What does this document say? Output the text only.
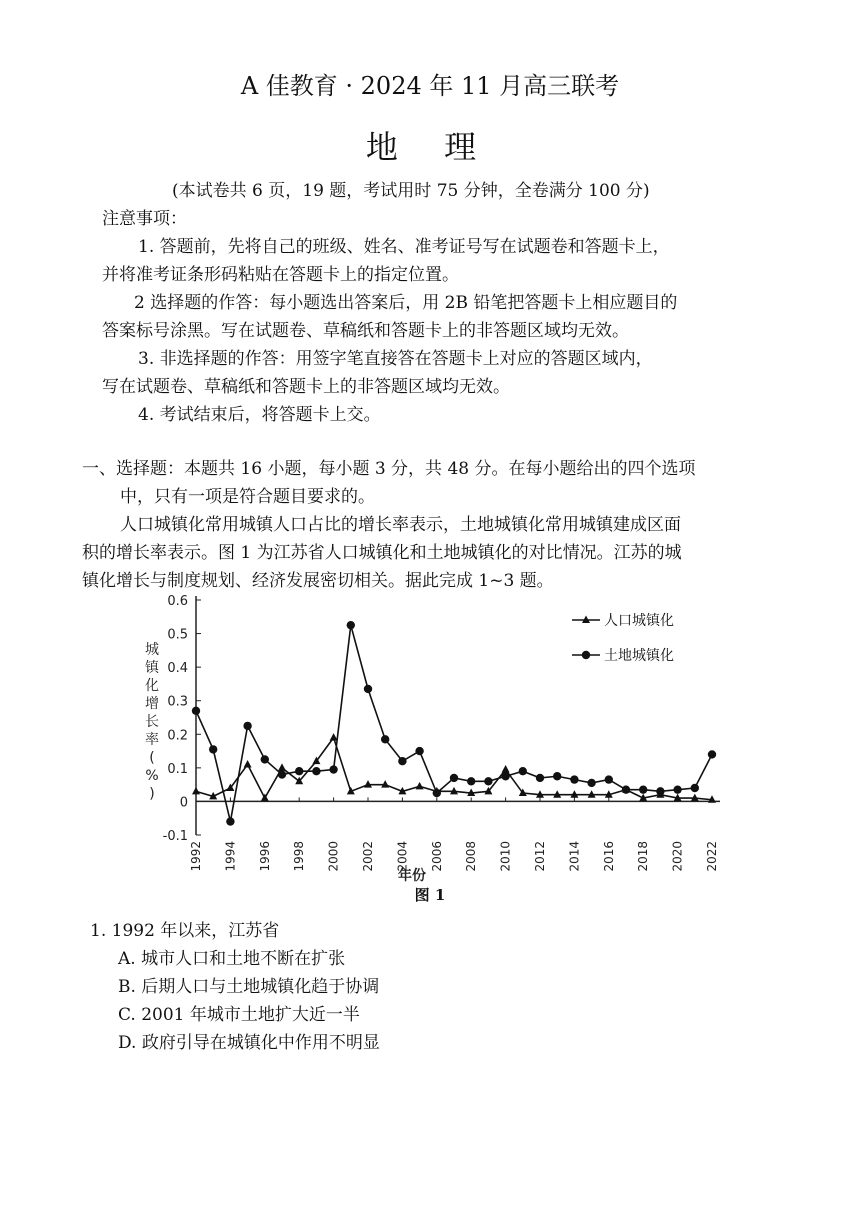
A 佳教育 · 2024 年 11 月高三联考
地 理
(本试卷共 6 页，19 题，考试用时 75 分钟，全卷满分 100 分)
注意事项：
1. 答题前，先将自己的班级、姓名、准考证号写在试题卷和答题卡上，
并将准考证条形码粘贴在答题卡上的指定位置。
2 选择题的作答：每小题选出答案后，用 2B 铅笔把答题卡上相应题目的
答案标号涂黑。写在试题卷、草稿纸和答题卡上的非答题区域均无效。
3. 非选择题的作答：用签字笔直接答在答题卡上对应的答题区域内，
写在试题卷、草稿纸和答题卡上的非答题区域均无效。
4. 考试结束后，将答题卡上交。
一、选择题：本题共 16 小题，每小题 3 分，共 48 分。在每小题给出的四个选项
中，只有一项是符合题目要求的。
人口城镇化常用城镇人口占比的增长率表示，土地城镇化常用城镇建成区面
积的增长率表示。图 1 为江苏省人口城镇化和土地城镇化的对比情况。江苏的城
镇化增长与制度规划、经济发展密切相关。据此完成 1~3 题。
0.6
0.5
0.4
0.3
0.2
0.1
0
-0.1
1992 1994 1996 1998 2000 2002 2004 2006 2008 2010 2012 2014 2016 2018 2020 2022
人口城镇化
土地城镇化
城镇化增长率( % )
年份
图 1
1. 1992 年以来，江苏省
A. 城市人口和土地不断在扩张
B. 后期人口与土地城镇化趋于协调
C. 2001 年城市土地扩大近一半
D. 政府引导在城镇化中作用不明显
